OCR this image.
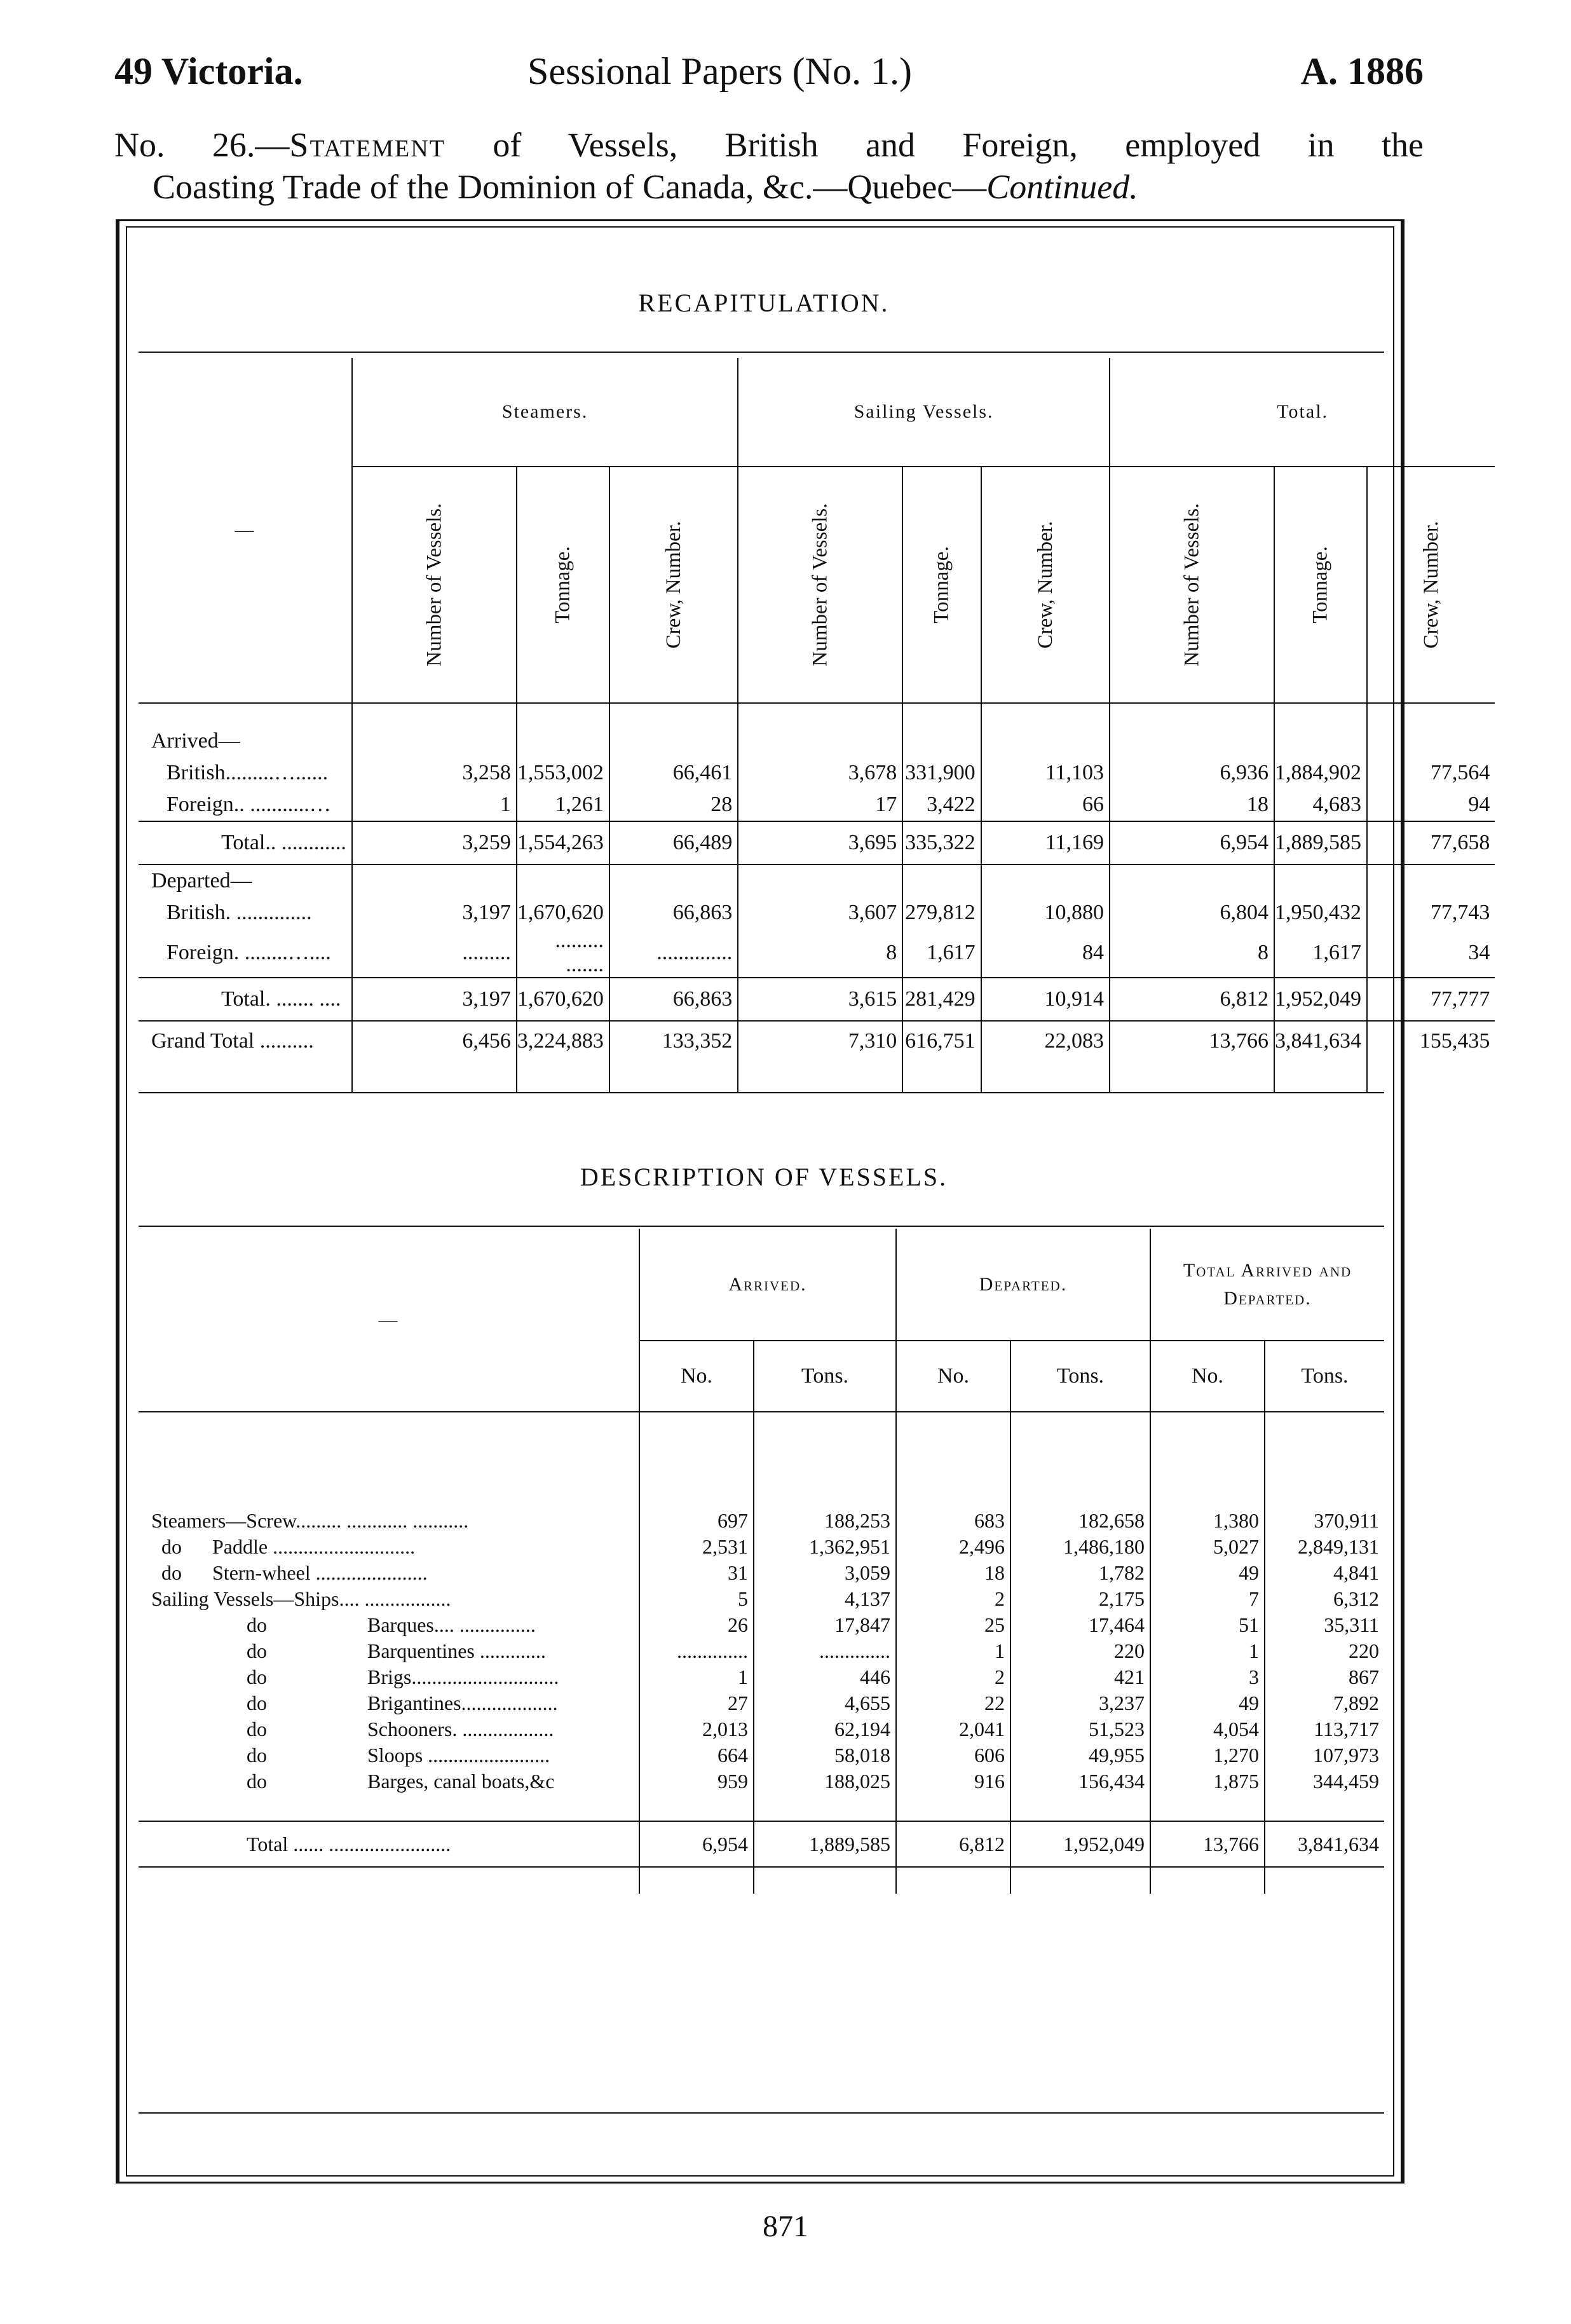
49 Victoria.	Sessional Papers (No. 1.)	A. 1886
No. 26.—Statement of Vessels, British and Foreign, employed in the
Coasting Trade of the Dominion of Canada, &c.—Quebec—Continued.
RECAPITULATION.
—	Steamers.			Sailing Vessels.			Total.		
	Number of Vessels.	Tonnage.	Crew, Number.	Number of Vessels.	Tonnage.	Crew, Number.	Number of Vessels.	Tonnage.	Crew, Number.

Arrived—									
British.........…......	3,258	1,553,002	66,461	3,678	331,900	11,103	6,936	1,884,902	77,564
Foreign.. ...........…	1	1,261	28	17	3,422	66	18	4,683	94
Total.. ............	3,259	1,554,263	66,489	3,695	335,322	11,169	6,954	1,889,585	77,658
Departed—									
British. ..............	3,197	1,670,620	66,863	3,607	279,812	10,880	6,804	1,950,432	77,743
Foreign. ........…....	.........	......... .......	..............	8	1,617	84	8	1,617	34
Total. ....... ....	3,197	1,670,620	66,863	3,615	281,429	10,914	6,812	1,952,049	77,777
Grand Total ..........	6,456	3,224,883	133,352	7,310	616,751	22,083	13,766	3,841,634	155,435

DESCRIPTION OF VESSELS.
—	Arrived.		Departed.		Total Arrived and Departed.	
	No.	Tons.	No.	Tons.	No.	Tons.
Steamers—Screw......... ............ ...........	697	188,253	683	182,658	1,380	370,911
do      Paddle ............................	2,531	1,362,951	2,496	1,486,180	5,027	2,849,131
do      Stern-wheel ......................	31	3,059	18	1,782	49	4,841
Sailing Vessels—Ships.... .................	5	4,137	2	2,175	7	6,312
do Barques.... ...............	26	17,847	25	17,464	51	35,311
do Barquentines .............	..............	..............	1	220	1	220
do Brigs.............................	1	446	2	421	3	867
do Brigantines...................	27	4,655	22	3,237	49	7,892
do Schooners. ..................	2,013	62,194	2,041	51,523	4,054	113,717
do Sloops ........................	664	58,018	606	49,955	1,270	107,973
do Barges, canal boats,&c	959	188,025	916	156,434	1,875	344,459

Total ...... ........................	6,954	1,889,585	6,812	1,952,049	13,766	3,841,634

871
